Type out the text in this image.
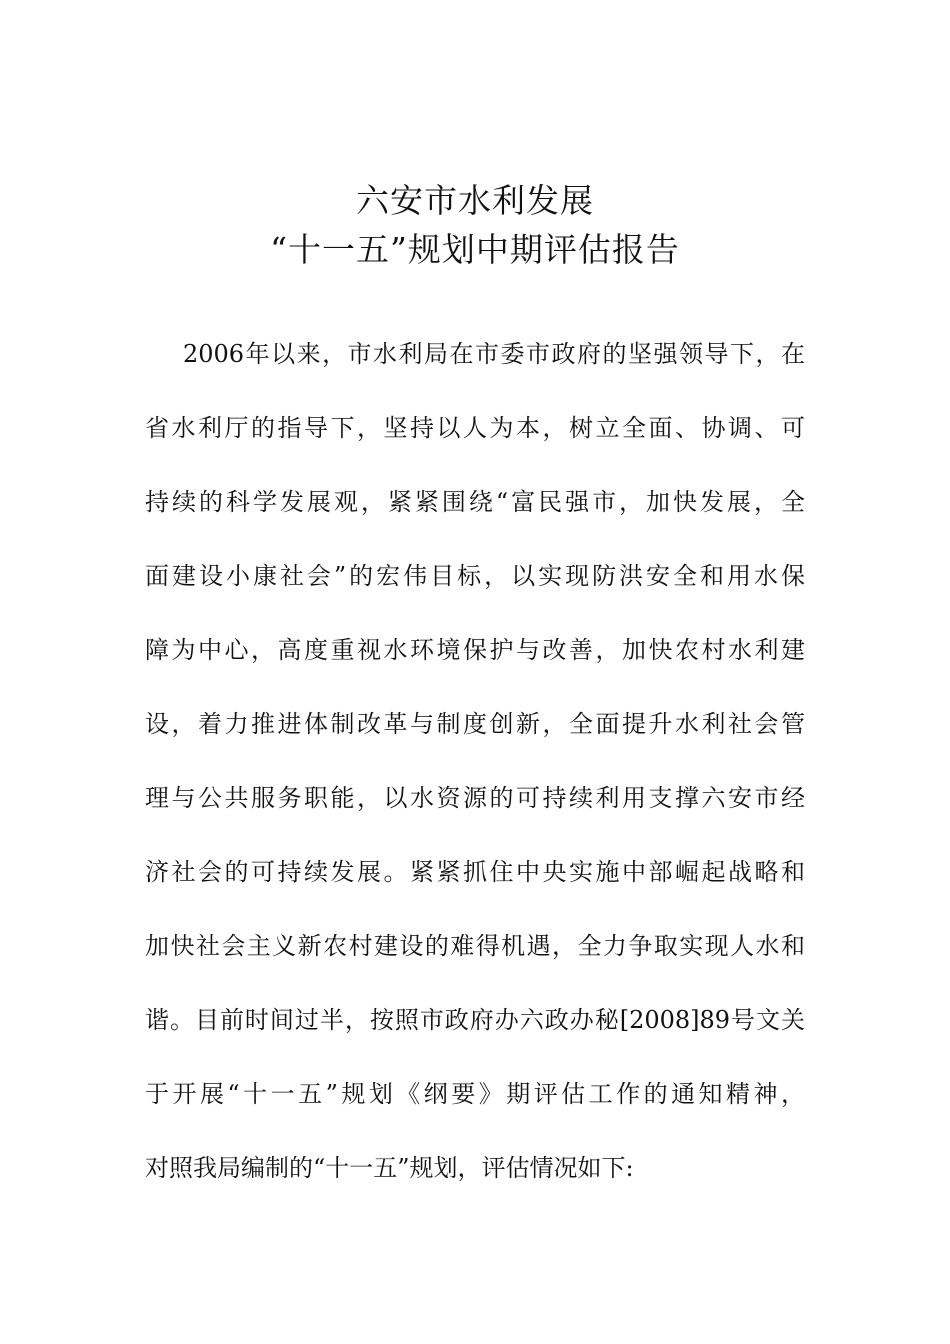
六安市水利发展
“十一五”规划中期评估报告
2006年以来，市水利局在市委市政府的坚强领导下，在
省水利厅的指导下，坚持以人为本，树立全面、协调、可
持续的科学发展观，紧紧围绕“富民强市，加快发展，全
面建设小康社会”的宏伟目标，以实现防洪安全和用水保
障为中心，高度重视水环境保护与改善，加快农村水利建
设，着力推进体制改革与制度创新，全面提升水利社会管
理与公共服务职能，以水资源的可持续利用支撑六安市经
济社会的可持续发展。紧紧抓住中央实施中部崛起战略和
加快社会主义新农村建设的难得机遇，全力争取实现人水和
谐。目前时间过半，按照市政府办六政办秘[2008]89号文关
于开展“十一五”规划《纲要》期评估工作的通知精神，
对照我局编制的“十一五”规划，评估情况如下:
